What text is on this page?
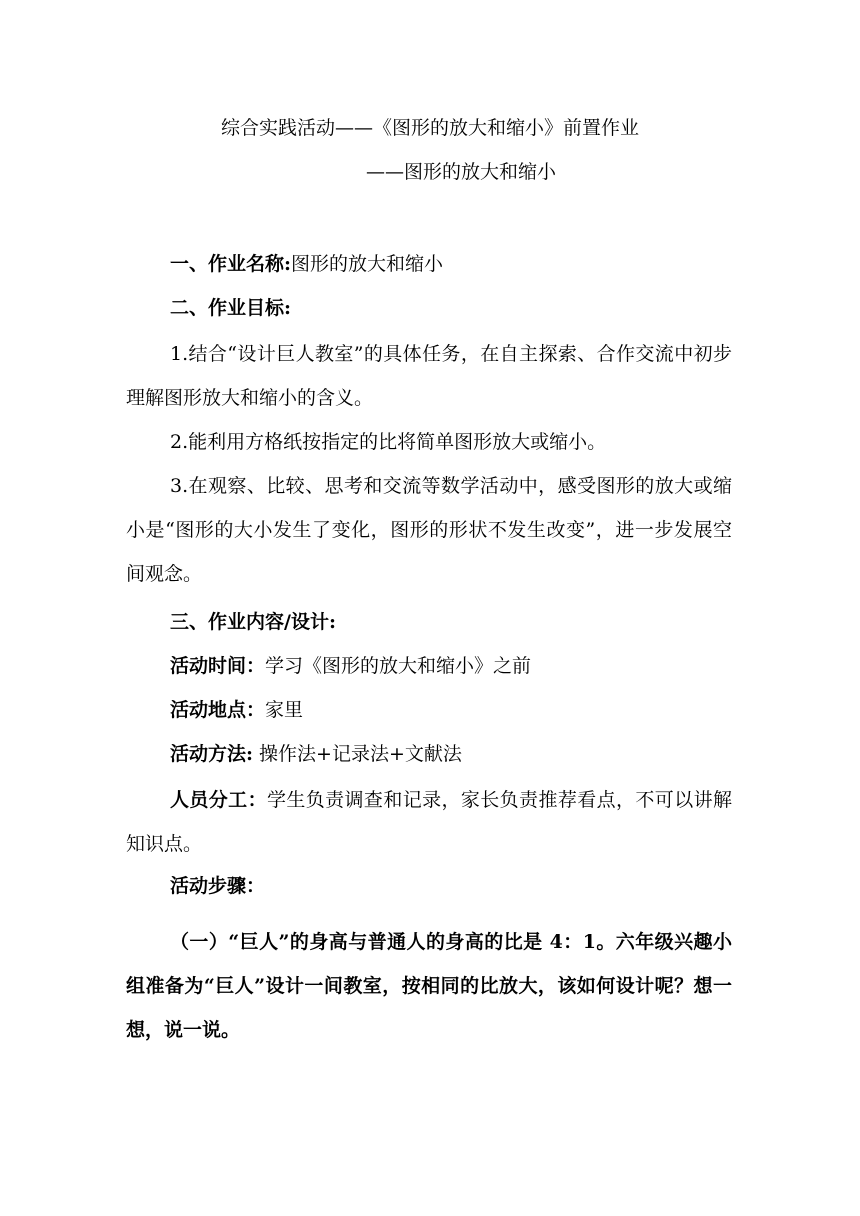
综合实践活动——《图形的放大和缩小》前置作业
——图形的放大和缩小
一、作业名称:图形的放大和缩小
二、作业目标:
1.结合“设计巨人教室”的具体任务，在自主探索、合作交流中初步理解图形放大和缩小的含义。
2.能利用方格纸按指定的比将简单图形放大或缩小。
3.在观察、比较、思考和交流等数学活动中，感受图形的放大或缩小是“图形的大小发生了变化，图形的形状不发生改变”，进一步发展空间观念。
三、作业内容/设计:
活动时间：学习《图形的放大和缩小》之前
活动地点：家里
活动方法: 操作法+记录法+文献法
人员分工：学生负责调查和记录，家长负责推荐看点，不可以讲解知识点。
活动步骤：
（一）“巨人”的身高与普通人的身高的比是 4：1。六年级兴趣小组准备为“巨人”设计一间教室，按相同的比放大，该如何设计呢？想一想，说一说。
